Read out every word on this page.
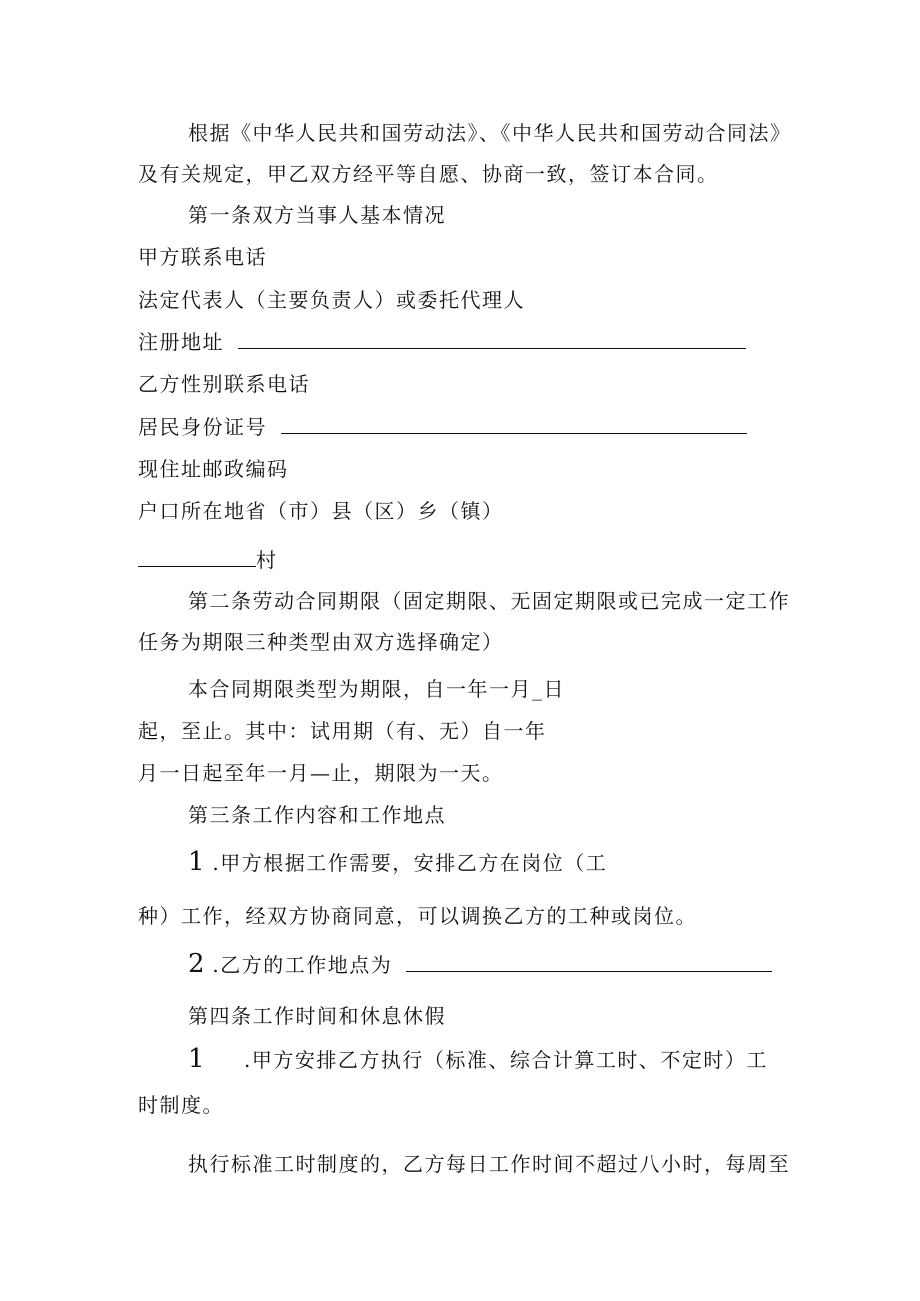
根据《中华人民共和国劳动法》、《中华人民共和国劳动合同法》
及有关规定，甲乙双方经平等自愿、协商一致，签订本合同。
第一条双方当事人基本情况
甲方联系电话
法定代表人（主要负责人）或委托代理人
注册地址
乙方性别联系电话
居民身份证号
现住址邮政编码
户口所在地省（市）县（区）乡（镇）
村
第二条劳动合同期限（固定期限、无固定期限或已完成一定工作
任务为期限三种类型由双方选择确定）
本合同期限类型为期限，自一年一月_日
起，至止。其中：试用期（有、无）自一年
月一日起至年一月—止，期限为一天。
第三条工作内容和工作地点
1 .甲方根据工作需要，安排乙方在岗位（工
种）工作，经双方协商同意，可以调换乙方的工种或岗位。
2 .乙方的工作地点为
第四条工作时间和休息休假
1 .甲方安排乙方执行（标准、综合计算工时、不定时）工
时制度。
执行标准工时制度的，乙方每日工作时间不超过八小时，每周至
